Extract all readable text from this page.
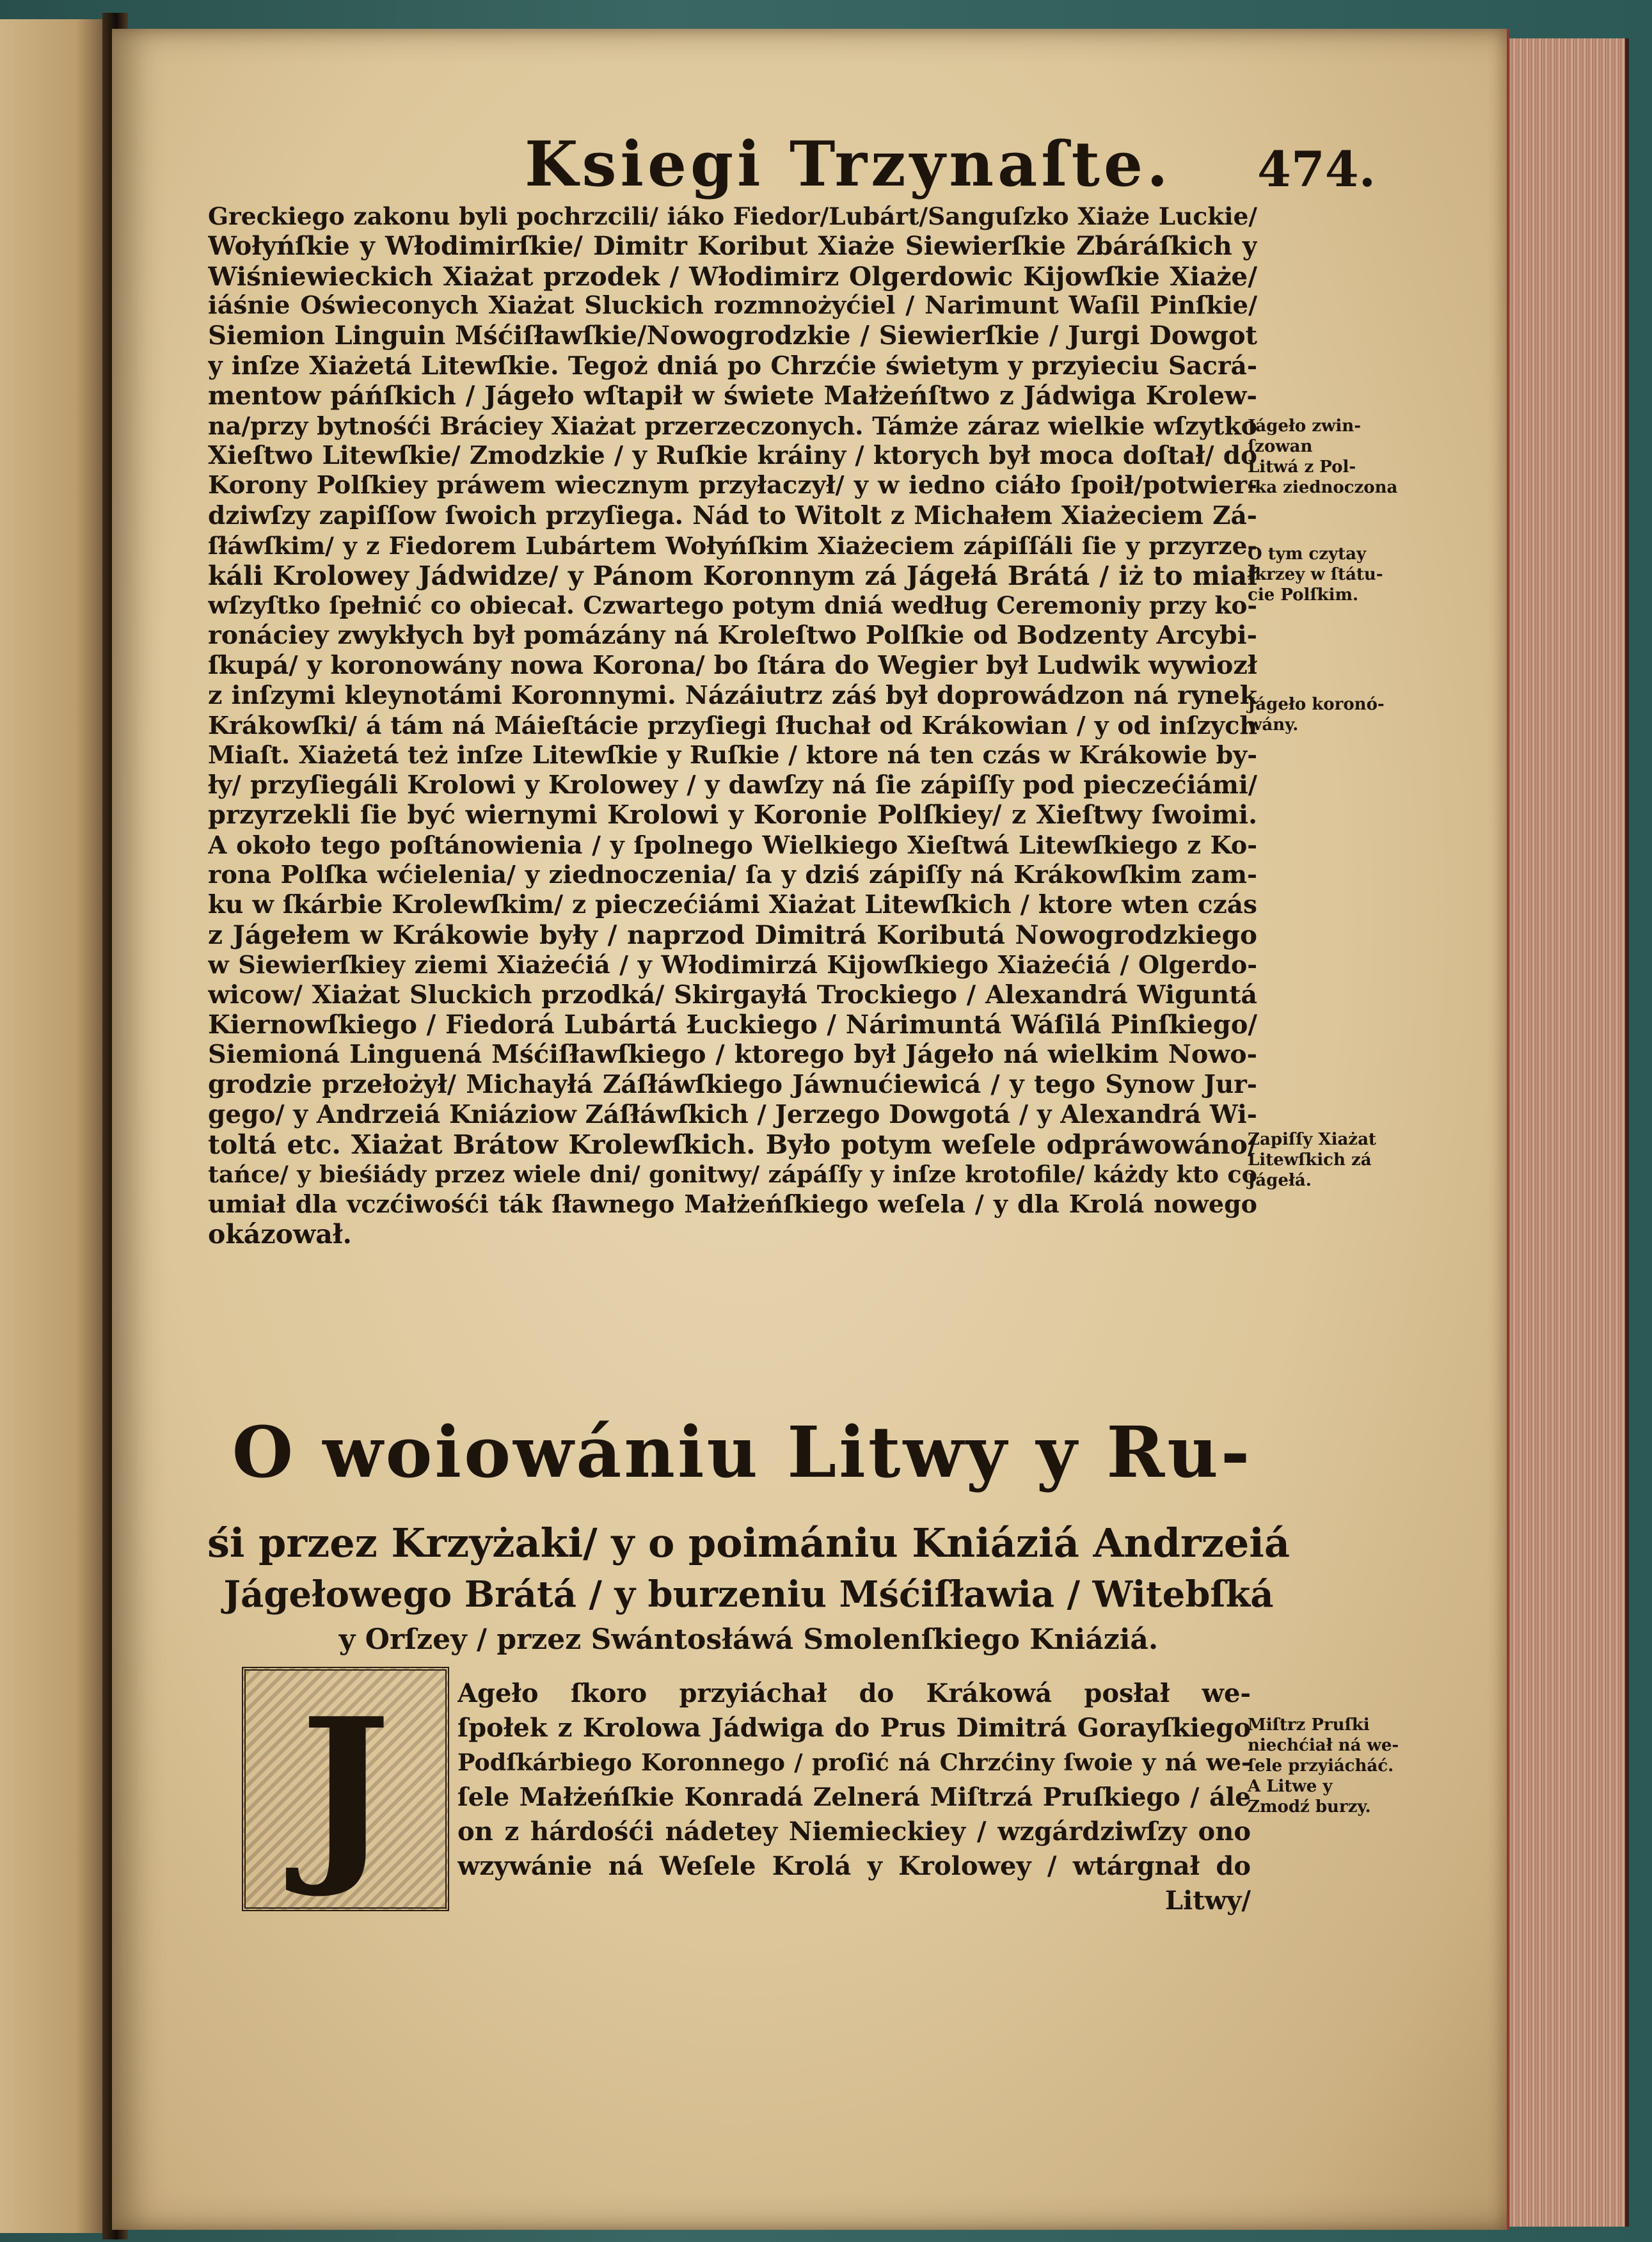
Ksiegi Trzynaſte. 474.
Greckiego zakonu byli pochrzcili/ iáko Fiedor/Lubárt/Sanguſzko Xiaże Luckie/
Wołyńſkie y Włodimirſkie/ Dimitr Koribut Xiaże Siewierſkie Zbáráſkich y
Wiśniewieckich Xiażat przodek / Włodimirz Olgerdowic Kijowſkie Xiaże/
iáśnie Oświeconych Xiażat Sluckich rozmnożyćiel / Narimunt Waſil Pinſkie/
Siemion Linguin Mśćiſławſkie/Nowogrodzkie / Siewierſkie / Jurgi Dowgot
y inſze Xiażetá Litewſkie. Tegoż dniá po Chrzćie świetym y przyieciu Sacrá-
mentow páńſkich / Jágeło wſtapił w świete Małżeńſtwo z Jádwiga Krolew-
na/przy bytnośći Bráciey Xiażat przerzeczonych. Támże záraz wielkie wſzytko
Xieſtwo Litewſkie/ Zmodzkie / y Ruſkie kráiny / ktorych był moca doſtał/ do
Korony Polſkiey práwem wiecznym przyłaczył/ y w iedno ciáło ſpoił/potwier-
dziwſzy zapiſſow ſwoich przyſiega. Nád to Witolt z Michałem Xiażeciem Zá-
ſłáwſkim/ y z Fiedorem Lubártem Wołyńſkim Xiażeciem zápiſſáli ſie y przyrze-
káli Krolowey Jádwidze/ y Pánom Koronnym zá Jágełá Brátá / iż to miał
wſzyſtko ſpełnić co obiecał. Czwartego potym dniá według Ceremoniy przy ko-
ronáciey zwykłych był pomázány ná Kroleſtwo Polſkie od Bodzenty Arcybi-
ſkupá/ y koronowány nowa Korona/ bo ſtára do Wegier był Ludwik wywiozł
z inſzymi kleynotámi Koronnymi. Názáiutrz záś był doprowádzon ná rynek
Krákowſki/ á tám ná Máieſtácie przyſiegi ſłuchał od Krákowian / y od inſzych
Miaſt. Xiażetá też inſze Litewſkie y Ruſkie / ktore ná ten czás w Krákowie by-
ły/ przyſiegáli Krolowi y Krolowey / y dawſzy ná ſie zápiſſy pod pieczećiámi/
przyrzekli ſie być wiernymi Krolowi y Koronie Polſkiey/ z Xieſtwy ſwoimi.
A około tego poſtánowienia / y ſpolnego Wielkiego Xieſtwá Litewſkiego z Ko-
rona Polſka wćielenia/ y ziednoczenia/ ſa y dziś zápiſſy ná Krákowſkim zam-
ku w ſkárbie Krolewſkim/ z pieczećiámi Xiażat Litewſkich / ktore wten czás
z Jágełem w Krákowie były / naprzod Dimitrá Koributá Nowogrodzkiego
w Siewierſkiey ziemi Xiażećiá / y Włodimirzá Kijowſkiego Xiażećiá / Olgerdo-
wicow/ Xiażat Sluckich przodká/ Skirgayłá Trockiego / Alexandrá Wiguntá
Kiernowſkiego / Fiedorá Lubártá Łuckiego / Nárimuntá Wáſilá Pinſkiego/
Siemioná Linguená Mśćiſławſkiego / ktorego był Jágeło ná wielkim Nowo-
grodzie przełożył/ Michayłá Záſłáwſkiego Jáwnućiewicá / y tego Synow Jur-
gego/ y Andrzeiá Kniáziow Záſłáwſkich / Jerzego Dowgotá / y Alexandrá Wi-
toltá etc. Xiażat Brátow Krolewſkich. Było potym weſele odpráwowáno/
tańce/ y bieśiády przez wiele dni/ gonitwy/ zápáſſy y inſze krotofile/ káżdy kto co
umiał dla vczćiwośći ták ſławnego Małżeńſkiego weſela / y dla Krolá nowego
okázował.
Jágeło zwin-
ſzowan
Litwá z Pol-
ſka ziednoczona
O tym czytay
ſkrzey w ſtátu-
cie Polſkim.
Jágeło koronó-
wány.
Zapiſſy Xiażat
Litewſkich zá
Jágełá.
Miſtrz Pruſki
niechćiał ná we-
ſele przyiácháć.
A Litwe y
Zmodź burzy.
O woiowániu Litwy y Ru-
śi przez Krzyżaki/ y o poimániu Kniáziá Andrzeiá
Jágełowego Brátá / y burzeniu Mśćiſławia / Witebſká
y Orſzey / przez Swántosłáwá Smolenſkiego Kniáziá.
J	Ageło ſkoro przyiáchał do Krákowá posłał we-
ſpołek z Krolowa Jádwiga do Prus Dimitrá Gorayſkiego
Podſkárbiego Koronnego / proſić ná Chrzćiny ſwoie y ná we-
ſele Małżeńſkie Konradá Zelnerá Miſtrzá Pruſkiego / ále
on z hárdośći nádetey Niemieckiey / wzgárdziwſzy ono
wzywánie ná Weſele Krolá y Krolowey / wtárgnał do
Litwy/
